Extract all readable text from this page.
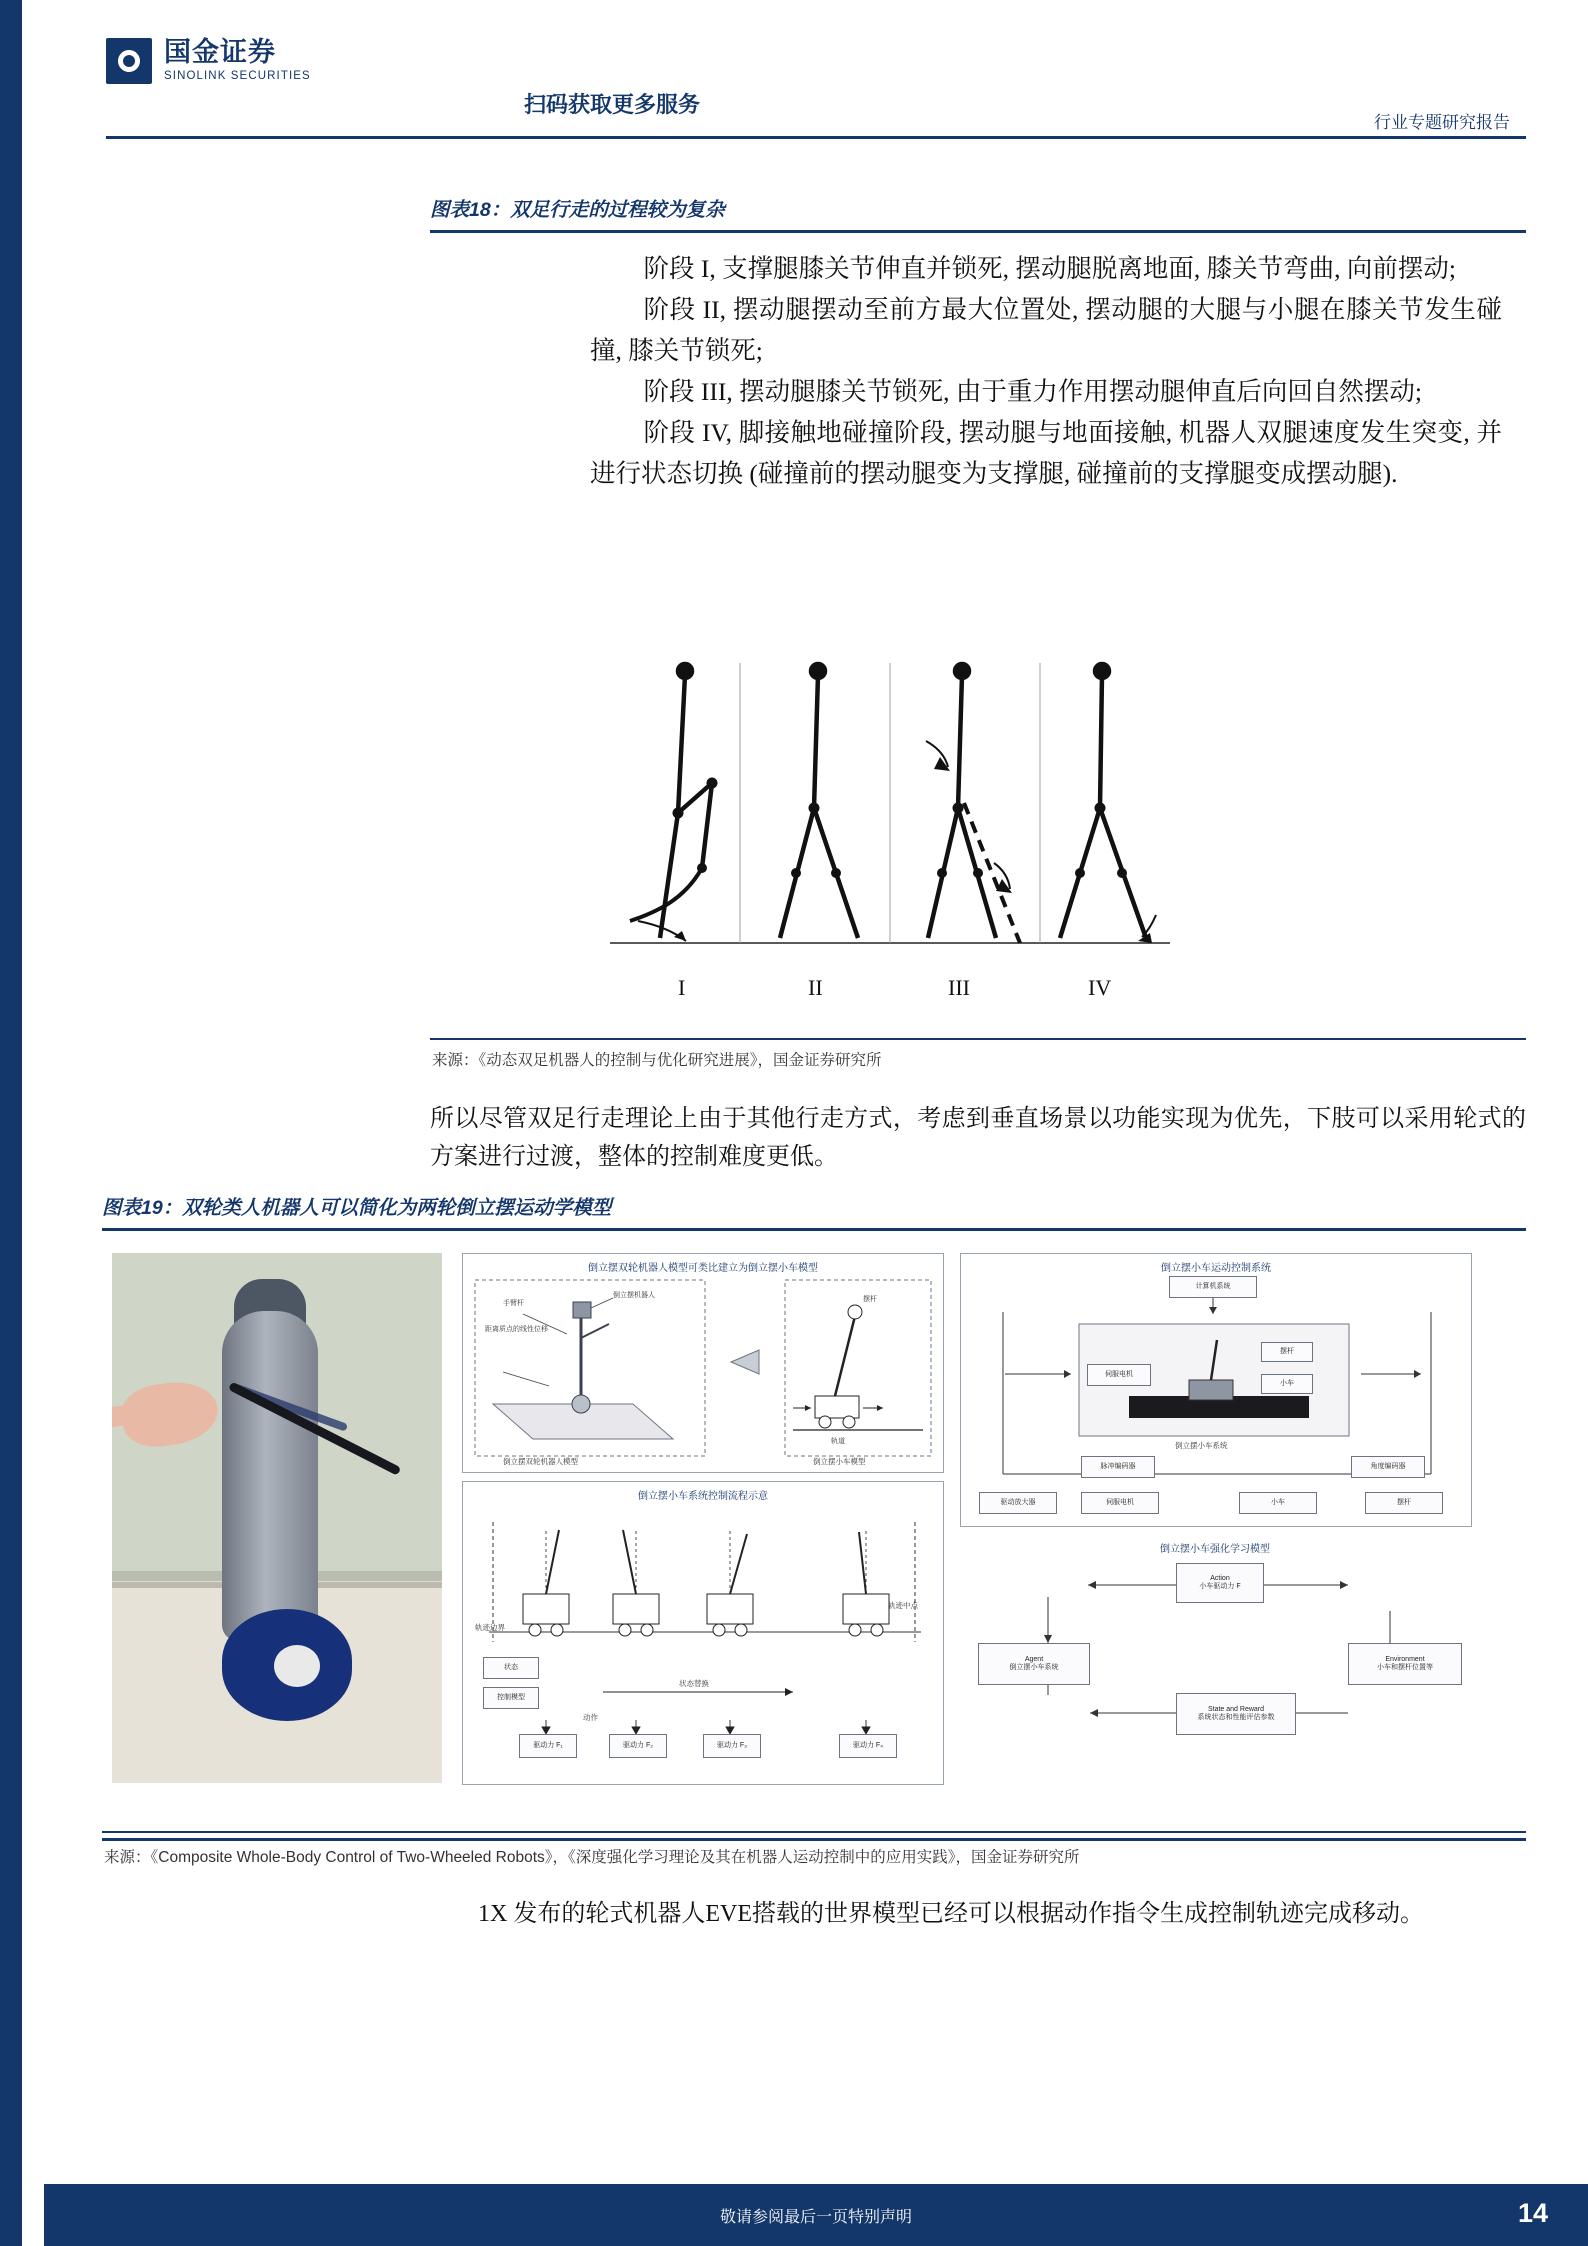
国金证券
SINOLINK SECURITIES
扫码获取更多服务
行业专题研究报告
图表18：双足行走的过程较为复杂

阶段 I, 支撑腿膝关节伸直并锁死, 摆动腿脱离地面, 膝关节弯曲, 向前摆动;

阶段 II, 摆动腿摆动至前方最大位置处, 摆动腿的大腿与小腿在膝关节发生碰撞, 膝关节锁死;

阶段 III, 摆动腿膝关节锁死, 由于重力作用摆动腿伸直后向回自然摆动;

阶段 IV, 脚接触地碰撞阶段, 摆动腿与地面接触, 机器人双腿速度发生突变, 并进行状态切换 (碰撞前的摆动腿变为支撑腿, 碰撞前的支撑腿变成摆动腿).

I	II	III	IV
来源：《动态双足机器人的控制与优化研究进展》，国金证券研究所

所以尽管双足行走理论上由于其他行走方式，考虑到垂直场景以功能实现为优先，下肢可以采用轮式的方案进行过渡，整体的控制难度更低。

图表19：双轮类人机器人可以简化为两轮倒立摆运动学模型
倒立摆双轮机器人模型可类比建立为倒立摆小车模型
距离质点的线性位移
手臂杆
倒立摆机器人
摆杆
轨道
倒立摆双轮机器人模型	倒立摆小车模型
倒立摆小车系统控制流程示意
轨迹边界
轨迹中点
状态
控制模型
动作
状态替换
驱动力 F₁	驱动力 F₂	驱动力 F₃	驱动力 F₄
倒立摆小车运动控制系统
计算机系统
伺服电机
摆杆
小车
倒立摆小车系统
脉冲编码器	角度编码器
驱动放大器	伺服电机	小车	摆杆
倒立摆小车强化学习模型
Action
小车驱动力 F
Agent
倒立摆小车系统
Environment
小车和摆杆位置等
State and Reward
系统状态和性能评估参数
来源：《Composite Whole-Body Control of Two-Wheeled Robots》，《深度强化学习理论及其在机器人运动控制中的应用实践》，国金证券研究所
1X 发布的轮式机器人EVE搭载的世界模型已经可以根据动作指令生成控制轨迹完成移动。
敬请参阅最后一页特别声明	14
